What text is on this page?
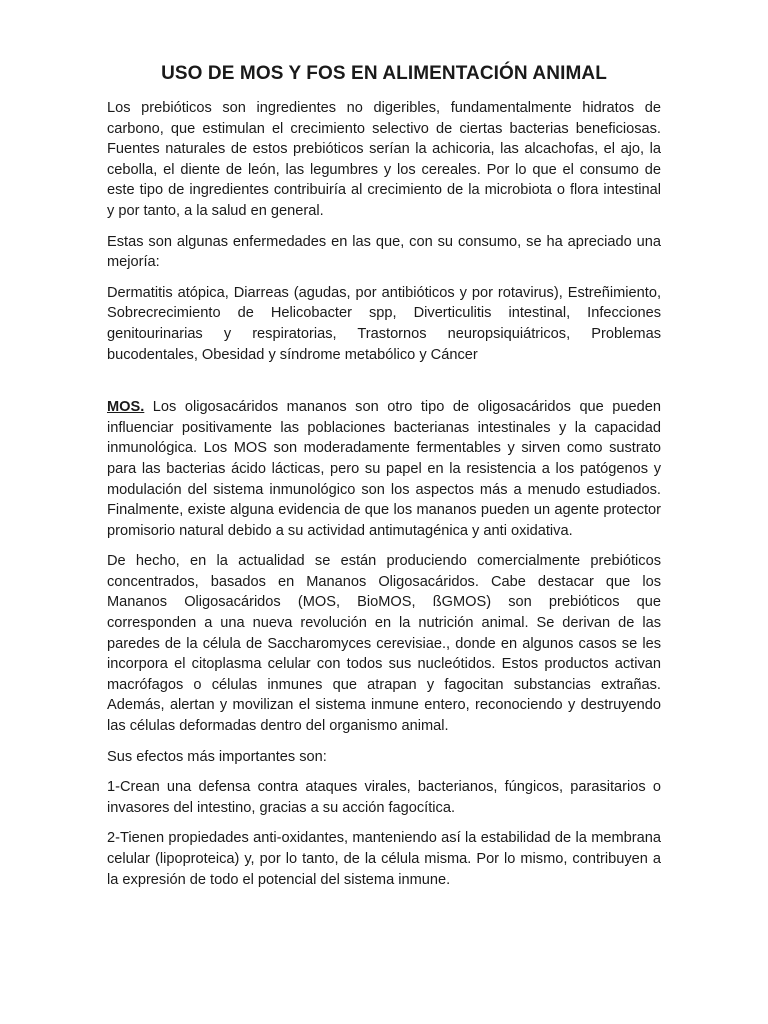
USO DE MOS Y FOS EN ALIMENTACIÓN ANIMAL

Los prebióticos son ingredientes no digeribles, fundamentalmente hidratos de carbono, que estimulan el crecimiento selectivo de ciertas bacterias beneficiosas. Fuentes naturales de estos prebióticos serían la achicoria, las alcachofas, el ajo, la cebolla, el diente de león, las legumbres y los cereales. Por lo que el consumo de este tipo de ingredientes contribuiría al crecimiento de la microbiota o flora intestinal y por tanto, a la salud en general.

Estas son algunas enfermedades en las que, con su consumo, se ha apreciado una mejoría:

Dermatitis atópica, Diarreas (agudas, por antibióticos y por rotavirus), Estreñimiento, Sobrecrecimiento de Helicobacter spp, Diverticulitis intestinal, Infecciones genitourinarias y respiratorias, Trastornos neuropsiquiátricos, Problemas bucodentales, Obesidad y síndrome metabólico y Cáncer

MOS. Los oligosacáridos mananos son otro tipo de oligosacáridos que pueden influenciar positivamente las poblaciones bacterianas intestinales y la capacidad inmunológica. Los MOS son moderadamente fermentables y sirven como sustrato para las bacterias ácido lácticas, pero su papel en la resistencia a los patógenos y modulación del sistema inmunológico son los aspectos más a menudo estudiados. Finalmente, existe alguna evidencia de que los mananos pueden un agente protector promisorio natural debido a su actividad antimutagénica y anti oxidativa.

De hecho, en la actualidad se están produciendo comercialmente prebióticos concentrados, basados en Mananos Oligosacáridos. Cabe destacar que los Mananos Oligosacáridos (MOS, BioMOS, ßGMOS) son prebióticos que corresponden a una nueva revolución en la nutrición animal. Se derivan de las paredes de la célula de Saccharomyces cerevisiae., donde en algunos casos se les incorpora el citoplasma celular con todos sus nucleótidos. Estos productos activan macrófagos o células inmunes que atrapan y fagocitan substancias extrañas. Además, alertan y movilizan el sistema inmune entero, reconociendo y destruyendo las células deformadas dentro del organismo animal.

Sus efectos más importantes son:

1-Crean una defensa contra ataques virales, bacterianos, fúngicos, parasitarios o invasores del intestino, gracias a su acción fagocítica.

2-Tienen propiedades anti-oxidantes, manteniendo así la estabilidad de la membrana celular (lipoproteica) y, por lo tanto, de la célula misma. Por lo mismo, contribuyen a la expresión de todo el potencial del sistema inmune.
